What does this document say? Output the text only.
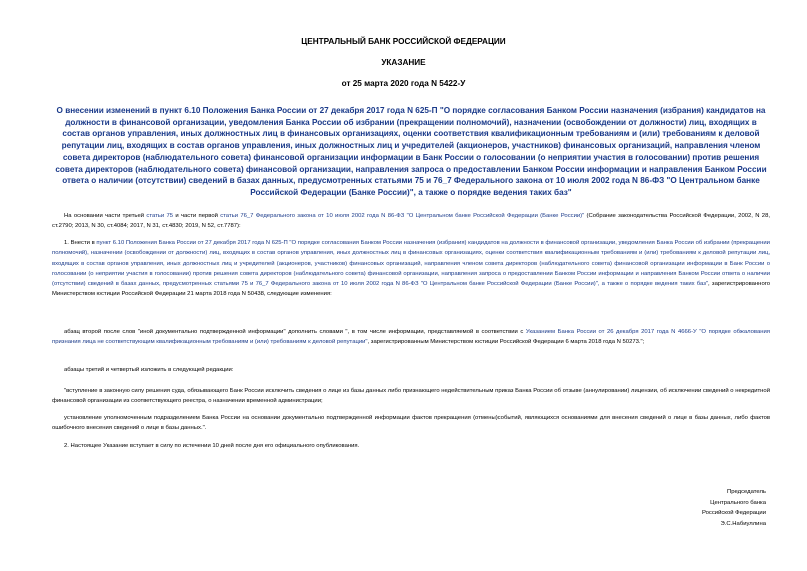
ЦЕНТРАЛЬНЫЙ БАНК РОССИЙСКОЙ ФЕДЕРАЦИИ
УКАЗАНИЕ
от 25 марта 2020 года N 5422-У
О внесении изменений в пункт 6.10 Положения Банка России от 27 декабря 2017 года N 625-П "О порядке согласования Банком России назначения (избрания) кандидатов на должности в финансовой организации, уведомления Банка России об избрании (прекращении полномочий), назначении (освобождении от должности) лиц, входящих в состав органов управления, иных должностных лиц в финансовых организациях, оценки соответствия квалификационным требованиям и (или) требованиям к деловой репутации лиц, входящих в состав органов управления, иных должностных лиц и учредителей (акционеров, участников) финансовых организаций, направления членом совета директоров (наблюдательного совета) финансовой организации информации в Банк России о голосовании (о неприятии участия в голосовании) против решения совета директоров (наблюдательного совета) финансовой организации, направления запроса о предоставлении Банком России информации и направления Банком России ответа о наличии (отсутствии) сведений в базах данных, предусмотренных статьями 75 и 76_7 Федерального закона от 10 июля 2002 года N 86-ФЗ "О Центральном банке Российской Федерации (Банке России)", а также о порядке ведения таких баз"
На основании части третьей статьи 75 и части первой статьи 76_7 Федерального закона от 10 июля 2002 года N 86-ФЗ "О Центральном банке Российской Федерации (Банке России)" (Собрание законодательства Российской Федерации, 2002, N 28, ст.2790; 2013, N 30, ст.4084; 2017, N 31, ст.4830; 2019, N 52, ст.7787):
1. Внести в пункт 6.10 Положения Банка России от 27 декабря 2017 года N 625-П "О порядке согласования Банком России назначения (избрания) кандидатов на должности в финансовой организации, уведомления Банка России об избрании (прекращении полномочий), назначении (освобождении от должности) лиц, входящих в состав органов управления, иных должностных лиц в финансовых организациях, оценки соответствия квалификационным требованиям и (или) требованиям к деловой репутации лиц, входящих в состав органов управления, иных должностных лиц и учредителей (акционеров, участников) финансовых организаций, направления членом совета директоров (наблюдательного совета) финансовой организации информации в Банк России о голосовании (о неприятии участия в голосовании) против решения совета директоров (наблюдательного совета) финансовой организации, направления запроса о предоставлении Банком России информации и направления Банком России ответа о наличии (отсутствии) сведений в базах данных, предусмотренных статьями 75 и 76_7 Федерального закона от 10 июля 2002 года N 86-ФЗ "О Центральном банке Российской Федерации (Банке России)", а также о порядке ведения таких баз", зарегистрированного Министерством юстиции Российской Федерации 21 марта 2018 года N 50438, следующие изменения:
абзац второй после слов "иной документально подтвержденной информации" дополнить словами ", в том числе информации, представляемой в соответствии с Указанием Банка России от 26 декабря 2017 года N 4666-У "О порядке обжалования признания лица не соответствующим квалификационным требованиям и (или) требованиям к деловой репутации", зарегистрированным Министерством юстиции Российской Федерации 6 марта 2018 года N 50273.";
абзацы третий и четвертый изложить в следующей редакции:
"вступление в законную силу решения суда, обязывающего Банк России исключить сведения о лице из базы данных либо признающего недействительным приказ Банка России об отзыве (аннулировании) лицензии, об исключении сведений о некредитной финансовой организации из соответствующего реестра, о назначении временной администрации;
установление уполномоченным подразделением Банка России на основании документально подтвержденной информации фактов прекращения (отмены)событий, являющихся основаниями для внесения сведений о лице в базы данных, либо фактов ошибочного внесения сведений о лице в базы данных.".
2. Настоящее Указание вступает в силу по истечении 10 дней после дня его официального опубликования.
Председатель
Центрального банка
Российской Федерации
Э.С.Набиуллина
